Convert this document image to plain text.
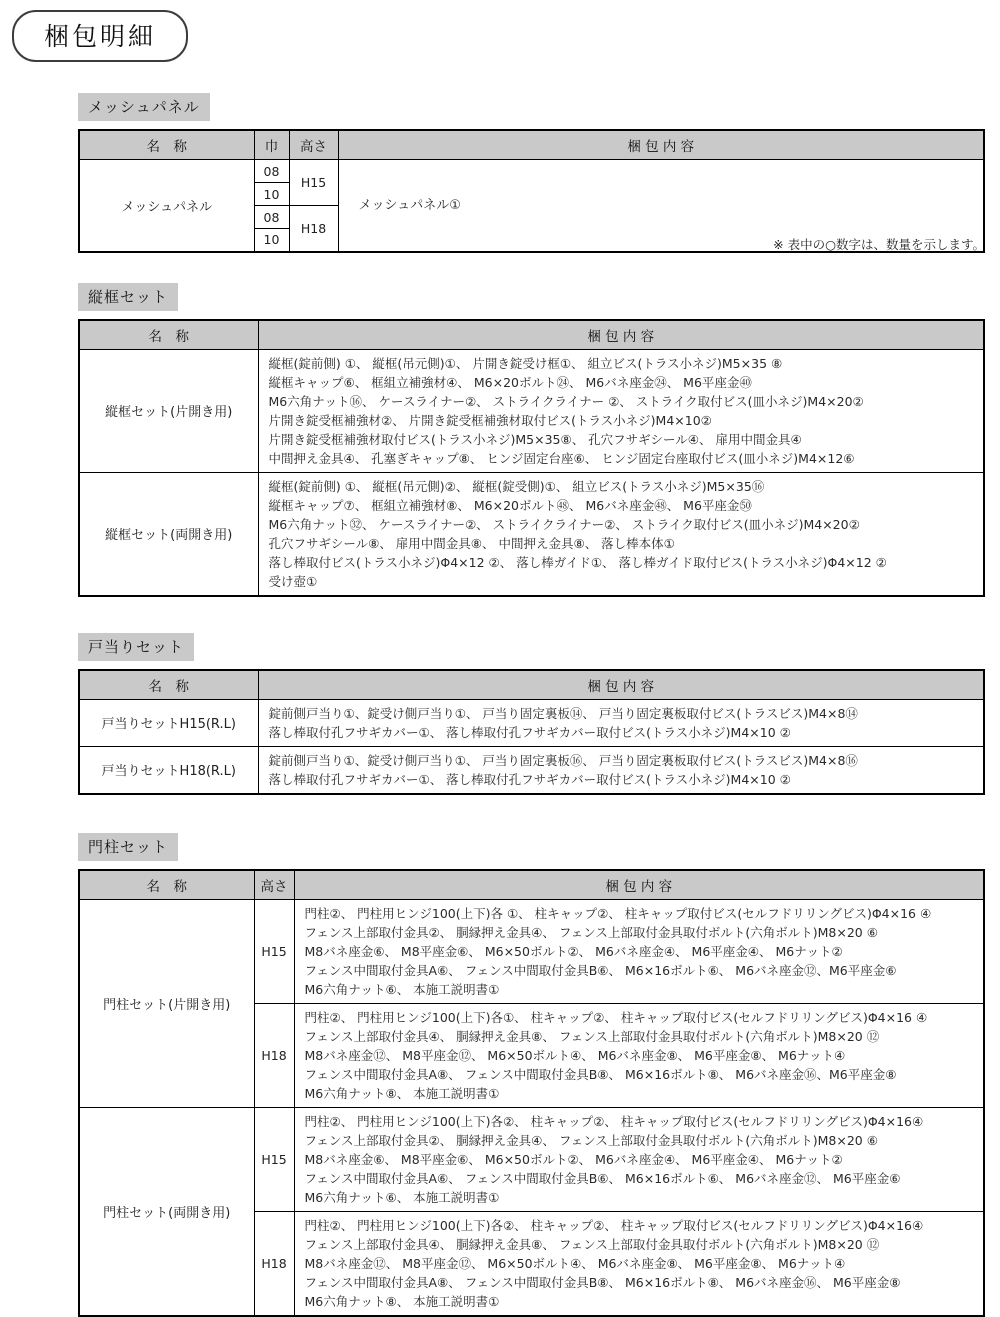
梱包明細
メッシュパネル
※ 表中の○数字は、数量を示します。
名　称	巾	高さ	梱 包 内 容
メッシュパネル	08	H15	メッシュパネル①
	10		
	08	H18	
	10		
縦框セット
名　称	梱 包 内 容
縦框セット(片開き用)	
縦框(錠前側) ①、 縦框(吊元側)①、 片開き錠受け框①、 組立ビス(トラス小ネジ)M5×35 ⑧
縦框キャップ⑥、 框組立補強材④、 M6×20ボルト㉔、 M6バネ座金㉔、 M6平座金㊵
M6六角ナット⑯、 ケースライナー②、 ストライクライナー ②、 ストライク取付ビス(皿小ネジ)M4×20②
片開き錠受框補強材②、 片開き錠受框補強材取付ビス(トラス小ネジ)M4×10②
片開き錠受框補強材取付ビス(トラス小ネジ)M5×35⑧、 孔穴フサギシール④、 扉用中間金具④
中間押え金具④、 孔塞ぎキャップ⑧、 ヒンジ固定台座⑥、 ヒンジ固定台座取付ビス(皿小ネジ)M4×12⑥

縦框セット(両開き用)	
縦框(錠前側) ①、 縦框(吊元側)②、 縦框(錠受側)①、 組立ビス(トラス小ネジ)M5×35⑯
縦框キャップ⑦、 框組立補強材⑧、 M6×20ボルト㊽、 M6バネ座金㊽、 M6平座金㊿
M6六角ナット㉜、 ケースライナー②、 ストライクライナー②、 ストライク取付ビス(皿小ネジ)M4×20②
孔穴フサギシール⑧、 扉用中間金具⑧、 中間押え金具⑧、 落し棒本体①
落し棒取付ビス(トラス小ネジ)Φ4×12 ②、 落し棒ガイド①、 落し棒ガイド取付ビス(トラス小ネジ)Φ4×12 ②
受け壺①
戸当りセット
名　称	梱 包 内 容
戸当りセットH15(R.L)	錠前側戸当り①、錠受け側戸当り①、 戸当り固定裏板⑭、 戸当り固定裏板取付ビス(トラスビス)M4×8⑭
落し棒取付孔フサギカバー①、 落し棒取付孔フサギカバー取付ビス(トラス小ネジ)M4×10 ②

戸当りセットH18(R.L)	錠前側戸当り①、錠受け側戸当り①、 戸当り固定裏板⑯、 戸当り固定裏板取付ビス(トラスビス)M4×8⑯
落し棒取付孔フサギカバー①、 落し棒取付孔フサギカバー取付ビス(トラス小ネジ)M4×10 ②
門柱セット
名　称	高さ	梱 包 内 容
門柱セット(片開き用)	H15	門柱②、 門柱用ヒンジ100(上下)各 ①、 柱キャップ②、 柱キャップ取付ビス(セルフドリリングビス)Φ4×16 ④
フェンス上部取付金具②、 胴縁押え金具④、 フェンス上部取付金具取付ボルト(六角ボルト)M8×20 ⑥
M8バネ座金⑥、 M8平座金⑥、 M6×50ボルト②、 M6バネ座金④、 M6平座金④、 M6ナット②
フェンス中間取付金具A⑥、 フェンス中間取付金具B⑥、 M6×16ボルト⑥、 M6バネ座金⑫、M6平座金⑥
M6六角ナット⑥、 本施工説明書①

	H18	門柱②、 門柱用ヒンジ100(上下)各①、 柱キャップ②、 柱キャップ取付ビス(セルフドリリングビス)Φ4×16 ④
フェンス上部取付金具④、 胴縁押え金具⑧、 フェンス上部取付金具取付ボルト(六角ボルト)M8×20 ⑫
M8バネ座金⑫、 M8平座金⑫、 M6×50ボルト④、 M6バネ座金⑧、 M6平座金⑧、 M6ナット④
フェンス中間取付金具A⑧、 フェンス中間取付金具B⑧、 M6×16ボルト⑧、 M6バネ座金⑯、M6平座金⑧
M6六角ナット⑧、 本施工説明書①

門柱セット(両開き用)	H15	門柱②、 門柱用ヒンジ100(上下)各②、 柱キャップ②、 柱キャップ取付ビス(セルフドリリングビス)Φ4×16④
フェンス上部取付金具②、 胴縁押え金具④、 フェンス上部取付金具取付ボルト(六角ボルト)M8×20 ⑥
M8バネ座金⑥、 M8平座金⑥、 M6×50ボルト②、 M6バネ座金④、 M6平座金④、 M6ナット②
フェンス中間取付金具A⑥、 フェンス中間取付金具B⑥、 M6×16ボルト⑥、 M6バネ座金⑫、 M6平座金⑥
M6六角ナット⑥、 本施工説明書①

	H18	門柱②、 門柱用ヒンジ100(上下)各②、 柱キャップ②、 柱キャップ取付ビス(セルフドリリングビス)Φ4×16④
フェンス上部取付金具④、 胴縁押え金具⑧、 フェンス上部取付金具取付ボルト(六角ボルト)M8×20 ⑫
M8バネ座金⑫、 M8平座金⑫、 M6×50ボルト④、 M6バネ座金⑧、 M6平座金⑧、 M6ナット④
フェンス中間取付金具A⑧、 フェンス中間取付金具B⑧、 M6×16ボルト⑧、 M6バネ座金⑯、 M6平座金⑧
M6六角ナット⑧、 本施工説明書①
